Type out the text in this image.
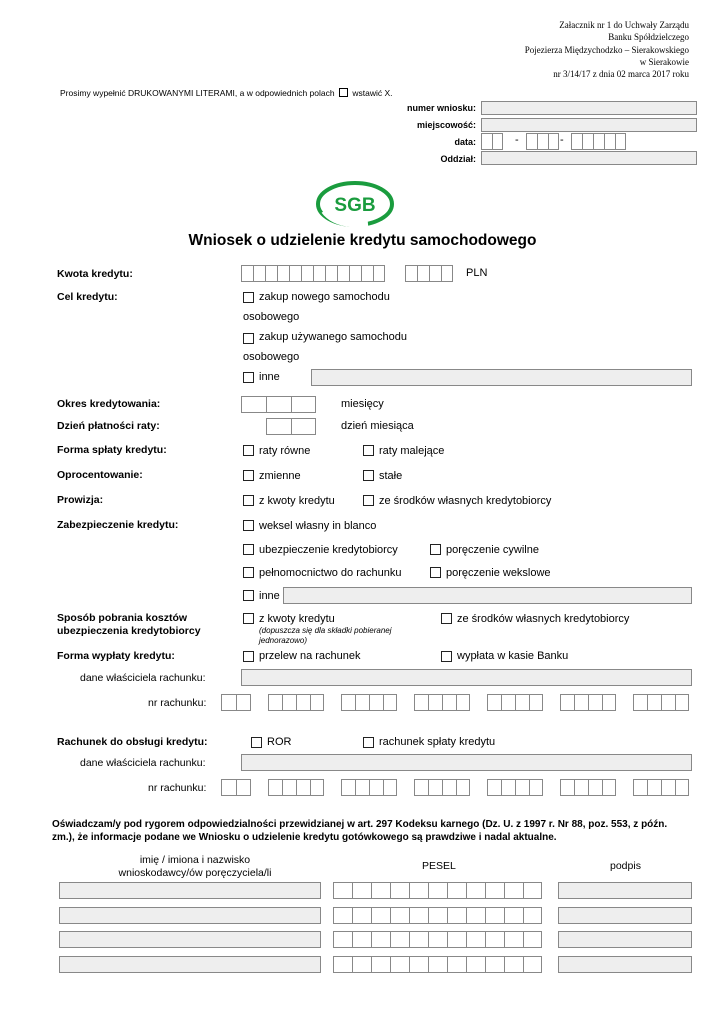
Załacznik nr 1 do Uchwały Zarządu
Banku Spółdzielczego
Pojezierza Międzychodzko – Sierakowskiego
w Sierakowie
nr 3/14/17 z dnia 02 marca 2017 roku
Prosimy wypełnić DRUKOWANYMI LITERAMI, a w odpowiednich polach wstawić X.
numer wniosku:
miejscowość:
data:	-	-
Oddział:
SGB
Wniosek o udzielenie kredytu samochodowego
Kwota kredytu:	PLN
Cel kredytu:	zakup nowego samochodu
osobowego
zakup używanego samochodu
osobowego
inne
Okres kredytowania:	miesięcy
Dzień płatności raty:	dzień miesiąca
Forma spłaty kredytu:	raty równe	raty malejące
Oprocentowanie:	zmienne	stałe
Prowizja:	z kwoty kredytu	ze środków własnych kredytobiorcy
Zabezpieczenie kredytu:	weksel własny in blanco
ubezpieczenie kredytobiorcy	poręczenie cywilne
pełnomocnictwo do rachunku	poręczenie wekslowe
inne
Sposób pobrania kosztów
ubezpieczenia kredytobiorcy
z kwoty kredytu
(dopuszcza się dla składki pobieranej
jednorazowo)
ze środków własnych kredytobiorcy
Forma wypłaty kredytu:	przelew na rachunek	wypłata w kasie Banku
dane właściciela rachunku:
nr rachunku:
Rachunek do obsługi kredytu:	ROR	rachunek spłaty kredytu
dane właściciela rachunku:
nr rachunku:
Oświadczam/y pod rygorem odpowiedzialności przewidzianej w art. 297 Kodeksu karnego (Dz. U. z 1997 r. Nr 88, poz. 553, z późn. zm.), że informacje podane we Wniosku o udzielenie kredytu gotówkowego są prawdziwe i nadal aktualne.
imię / imiona i nazwisko
wnioskodawcy/ów poręczyciela/li
PESEL	podpis
